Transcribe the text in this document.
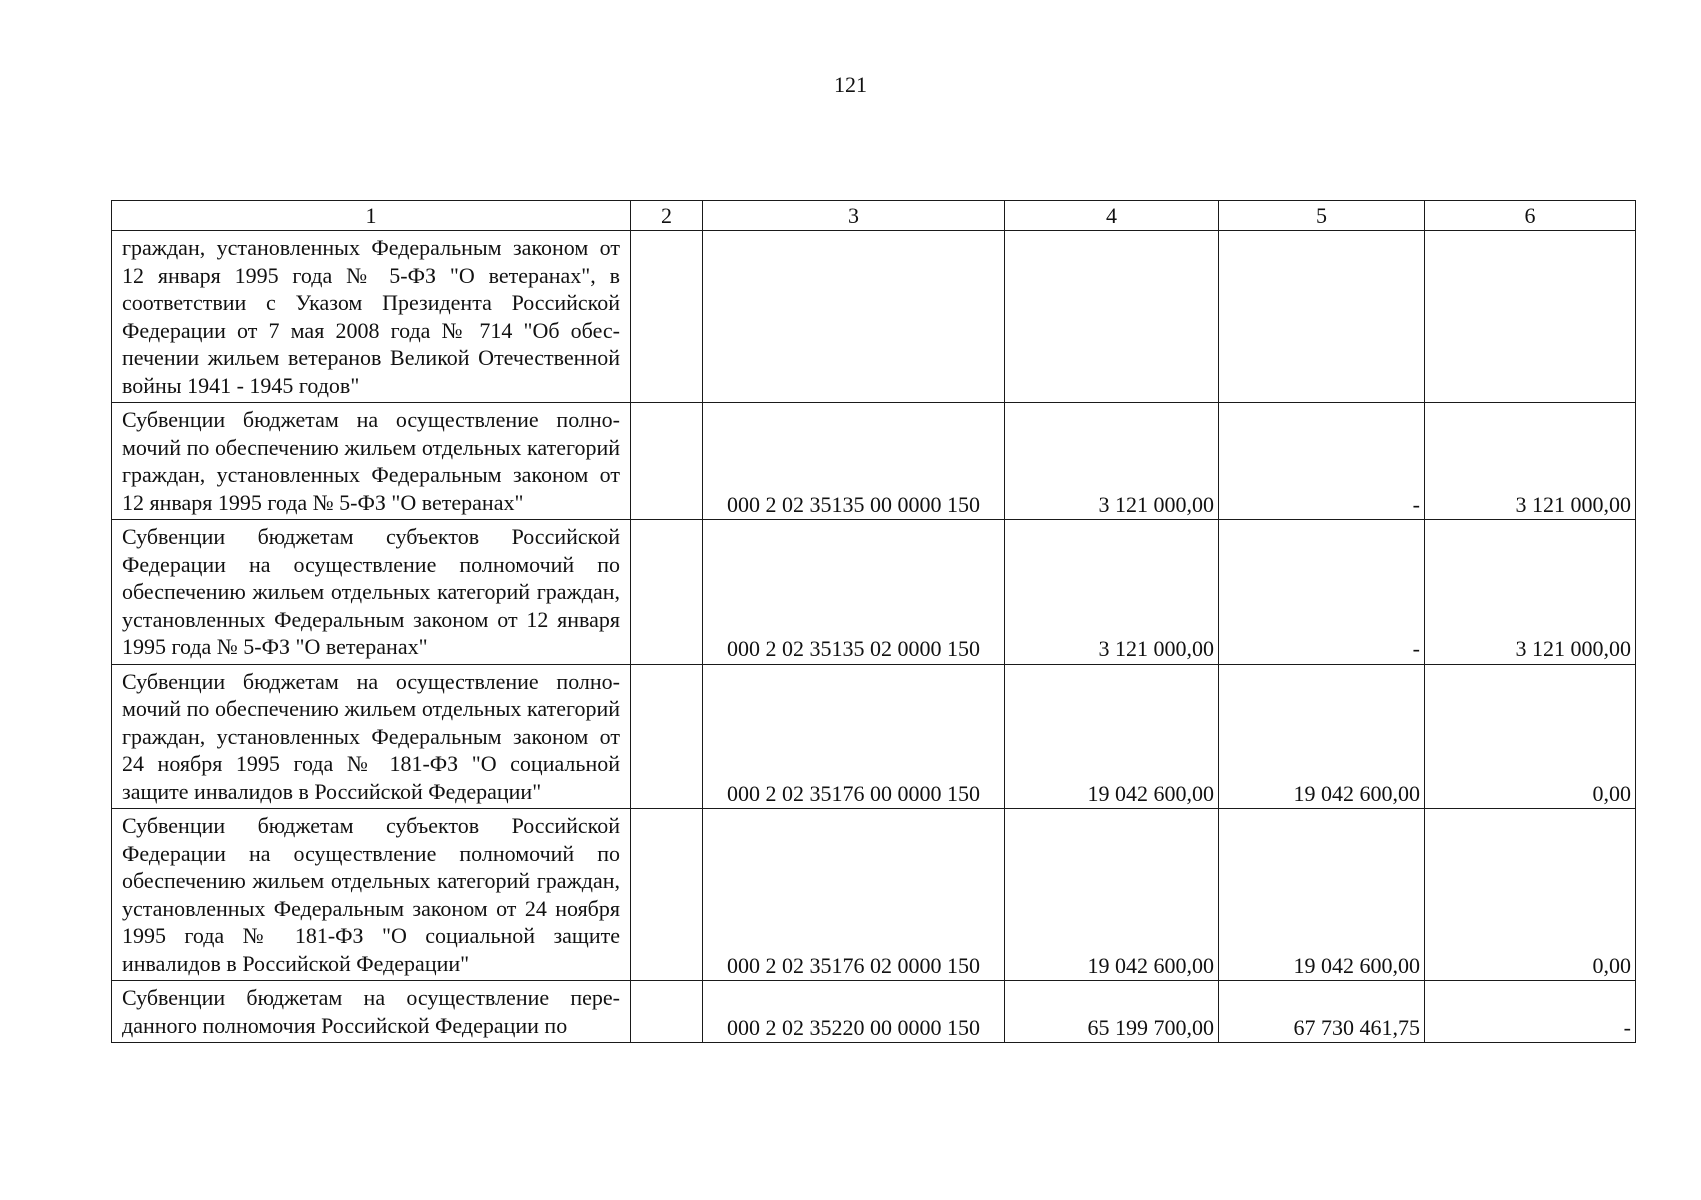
121
1	2	3	4	5	6
граждан, установленных Федеральным законом от 12 января 1995 года № 5-ФЗ "О ветеранах", в соответствии с Указом Президента Российской Федерации от 7 мая 2008 года № 714 "Об обеспечении жильем ветеранов Великой Отечественной войны 1941 - 1945 годов"					
Субвенции бюджетам на осуществление полномочий по обеспечению жильем отдельных категорий граждан, установленных Федеральным законом от 12 января 1995 года № 5-ФЗ "О ветеранах"		000 2 02 35135 00 0000 150	3 121 000,00	-	3 121 000,00
Субвенции бюджетам субъектов Российской Федерации на осуществление полномочий по обеспечению жильем отдельных категорий граждан, установленных Федеральным законом от 12 января 1995 года № 5-ФЗ "О ветеранах"		000 2 02 35135 02 0000 150	3 121 000,00	-	3 121 000,00
Субвенции бюджетам на осуществление полномочий по обеспечению жильем отдельных категорий граждан, установленных Федеральным законом от 24 ноября 1995 года № 181-ФЗ "О социальной защите инвалидов в Российской Федерации"		000 2 02 35176 00 0000 150	19 042 600,00	19 042 600,00	0,00
Субвенции бюджетам субъектов Российской Федерации на осуществление полномочий по обеспечению жильем отдельных категорий граждан, установленных Федеральным законом от 24 ноября 1995 года № 181-ФЗ "О социальной защите инвалидов в Российской Федерации"		000 2 02 35176 02 0000 150	19 042 600,00	19 042 600,00	0,00
Субвенции бюджетам на осуществление переданного полномочия Российской Федерации по		000 2 02 35220 00 0000 150	65 199 700,00	67 730 461,75	-
